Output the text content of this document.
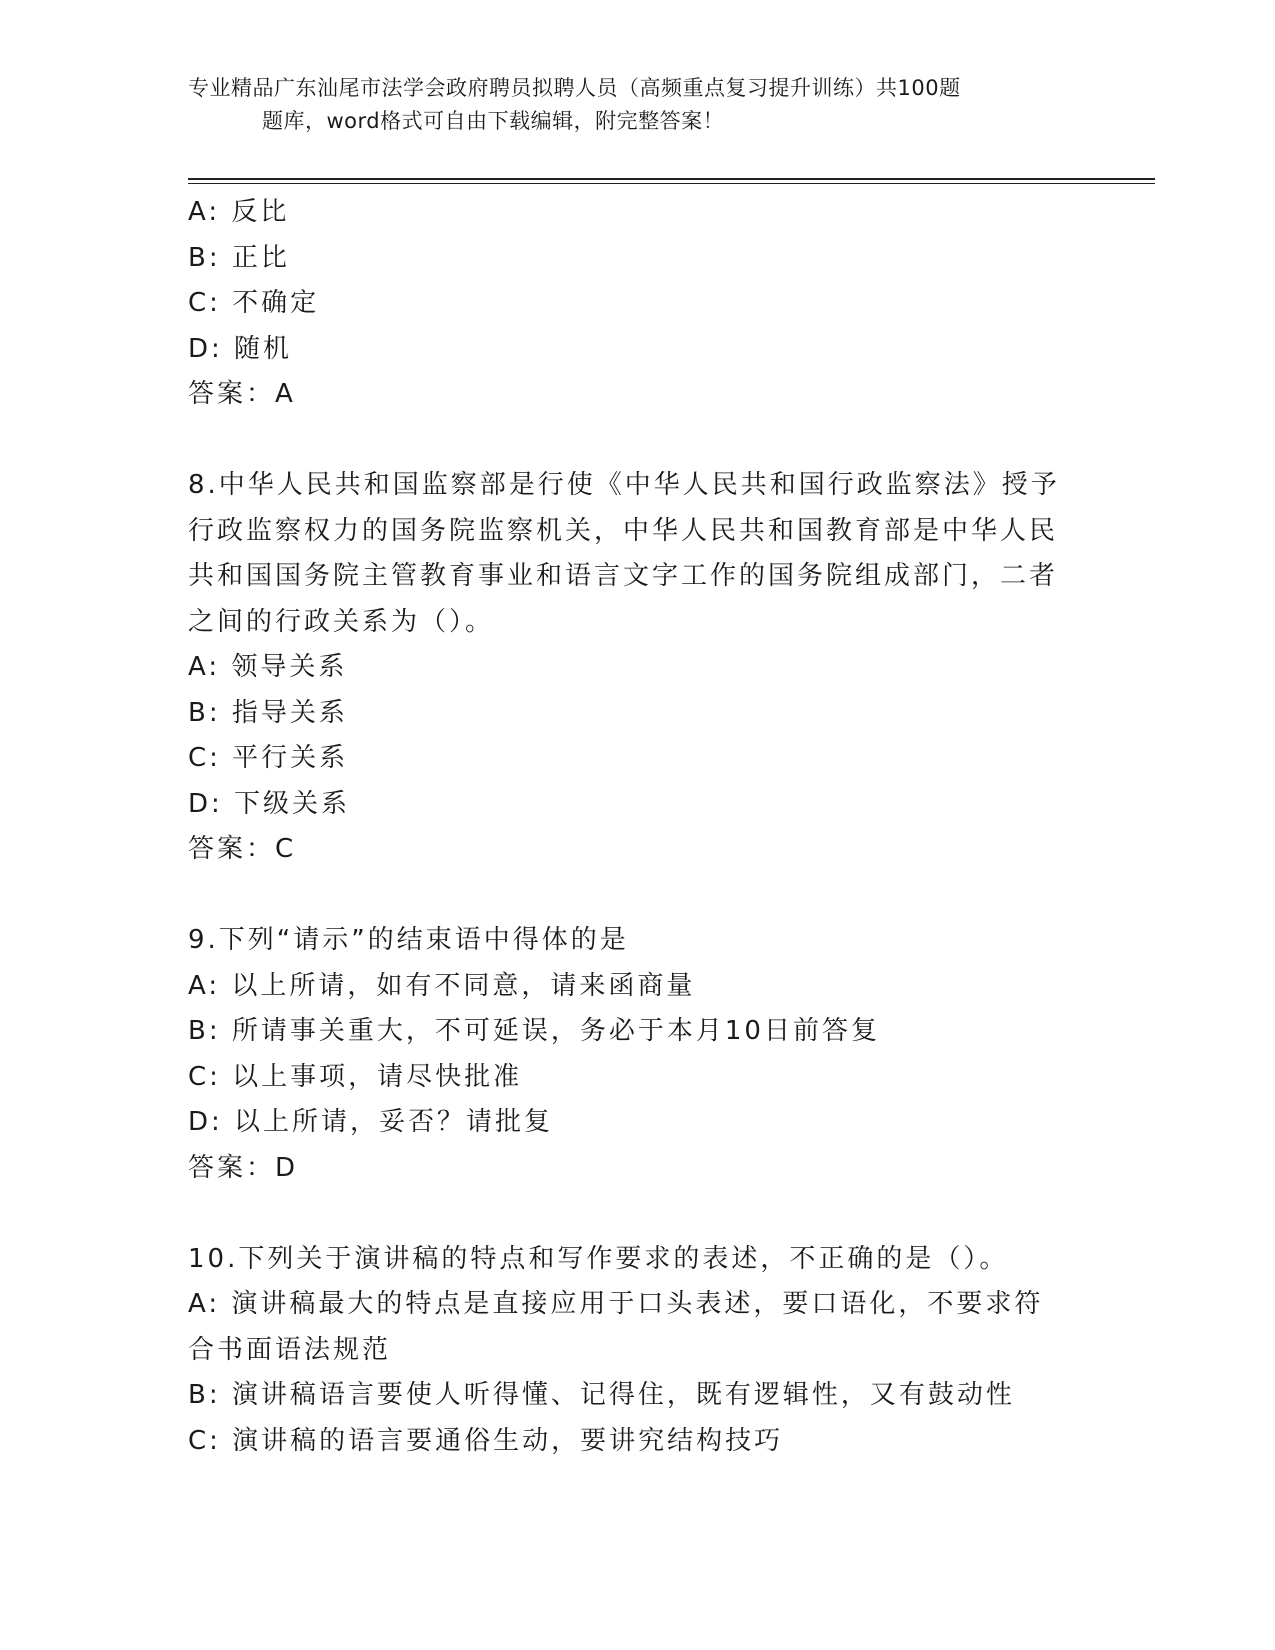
专业精品广东汕尾市法学会政府聘员拟聘人员（高频重点复习提升训练）共100题
题库，word格式可自由下载编辑，附完整答案！

A: 反比

B: 正比

C: 不确定

D: 随机

答案：A

8.中华人民共和国监察部是行使《中华人民共和国行政监察法》授予行政监察权力的国务院监察机关，中华人民共和国教育部是中华人民共和国国务院主管教育事业和语言文字工作的国务院组成部门，二者之间的行政关系为（）。

A: 领导关系

B: 指导关系

C: 平行关系

D: 下级关系

答案：C

9.下列“请示”的结束语中得体的是

A: 以上所请，如有不同意，请来函商量

B: 所请事关重大，不可延误，务必于本月10日前答复

C: 以上事项，请尽快批准

D: 以上所请，妥否？请批复

答案：D

10.下列关于演讲稿的特点和写作要求的表述，不正确的是（）。

A: 演讲稿最大的特点是直接应用于口头表述，要口语化，不要求符合书面语法规范

B: 演讲稿语言要使人听得懂、记得住，既有逻辑性，又有鼓动性

C: 演讲稿的语言要通俗生动，要讲究结构技巧
